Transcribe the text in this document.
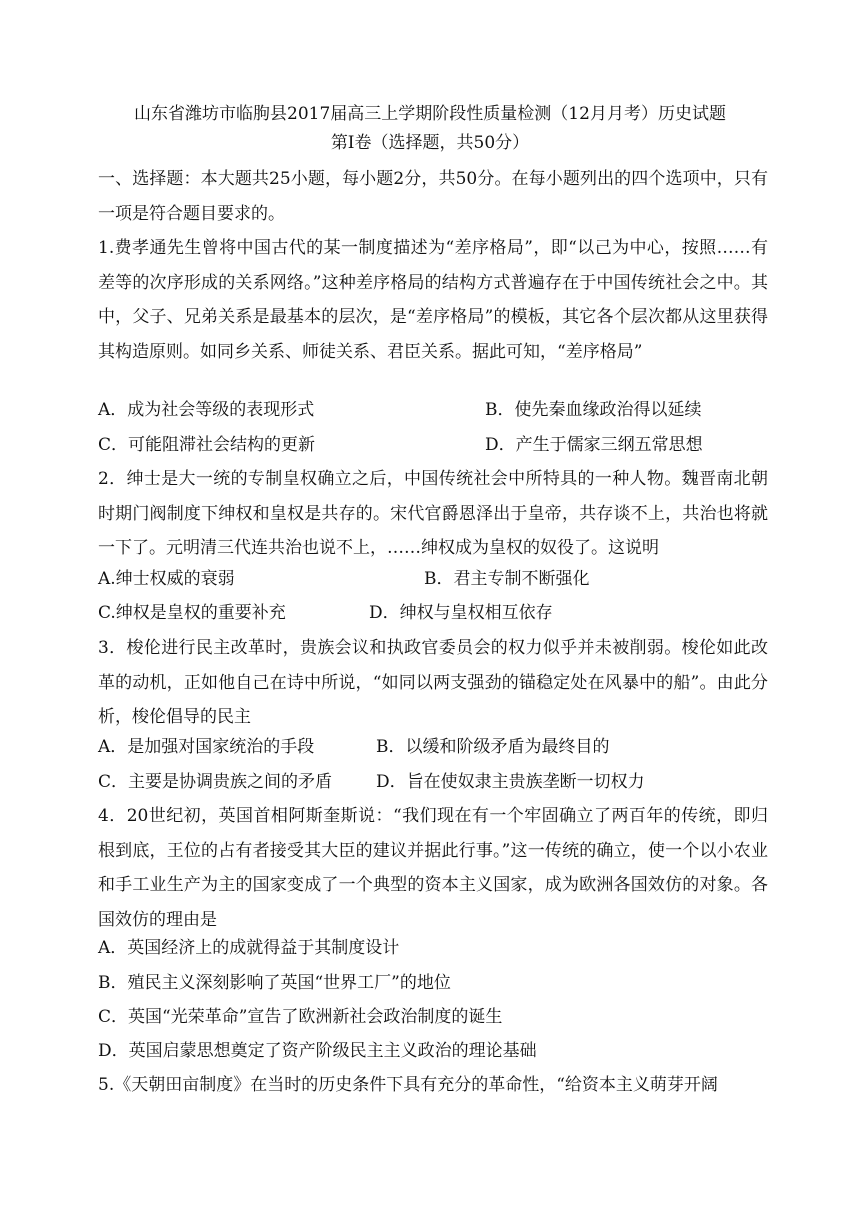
山东省潍坊市临朐县2017届高三上学期阶段性质量检测（12月月考）历史试题
第Ⅰ卷（选择题，共50分）
一、选择题：本大题共25小题，每小题2分，共50分。在每小题列出的四个选项中，只有一项是符合题目要求的。
1.费孝通先生曾将中国古代的某一制度描述为“差序格局”，即“以己为中心，按照……有差等的次序形成的关系网络。”这种差序格局的结构方式普遍存在于中国传统社会之中。其中，父子、兄弟关系是最基本的层次，是“差序格局”的模板，其它各个层次都从这里获得其构造原则。如同乡关系、师徒关系、君臣关系。据此可知，“差序格局”
A．成为社会等级的表现形式	B．使先秦血缘政治得以延续
C．可能阻滞社会结构的更新	D．产生于儒家三纲五常思想
2．绅士是大一统的专制皇权确立之后，中国传统社会中所特具的一种人物。魏晋南北朝时期门阀制度下绅权和皇权是共存的。宋代官爵恩泽出于皇帝，共存谈不上，共治也将就一下了。元明清三代连共治也说不上，……绅权成为皇权的奴役了。这说明
A.绅士权威的衰弱	B．君主专制不断强化
C.绅权是皇权的重要补充	D．绅权与皇权相互依存
3．梭伦进行民主改革时，贵族会议和执政官委员会的权力似乎并未被削弱。梭伦如此改革的动机，正如他自己在诗中所说，“如同以两支强劲的锚稳定处在风暴中的船”。由此分析，梭伦倡导的民主
A．是加强对国家统治的手段	B．以缓和阶级矛盾为最终目的
C．主要是协调贵族之间的矛盾	D．旨在使奴隶主贵族垄断一切权力
4．20世纪初，英国首相阿斯奎斯说：“我们现在有一个牢固确立了两百年的传统，即归根到底，王位的占有者接受其大臣的建议并据此行事。”这一传统的确立，使一个以小农业和手工业生产为主的国家变成了一个典型的资本主义国家，成为欧洲各国效仿的对象。各国效仿的理由是
A．英国经济上的成就得益于其制度设计
B．殖民主义深刻影响了英国“世界工厂”的地位
C．英国“光荣革命”宣告了欧洲新社会政治制度的诞生
D．英国启蒙思想奠定了资产阶级民主主义政治的理论基础
5.《天朝田亩制度》在当时的历史条件下具有充分的革命性，“给资本主义萌芽开阔
